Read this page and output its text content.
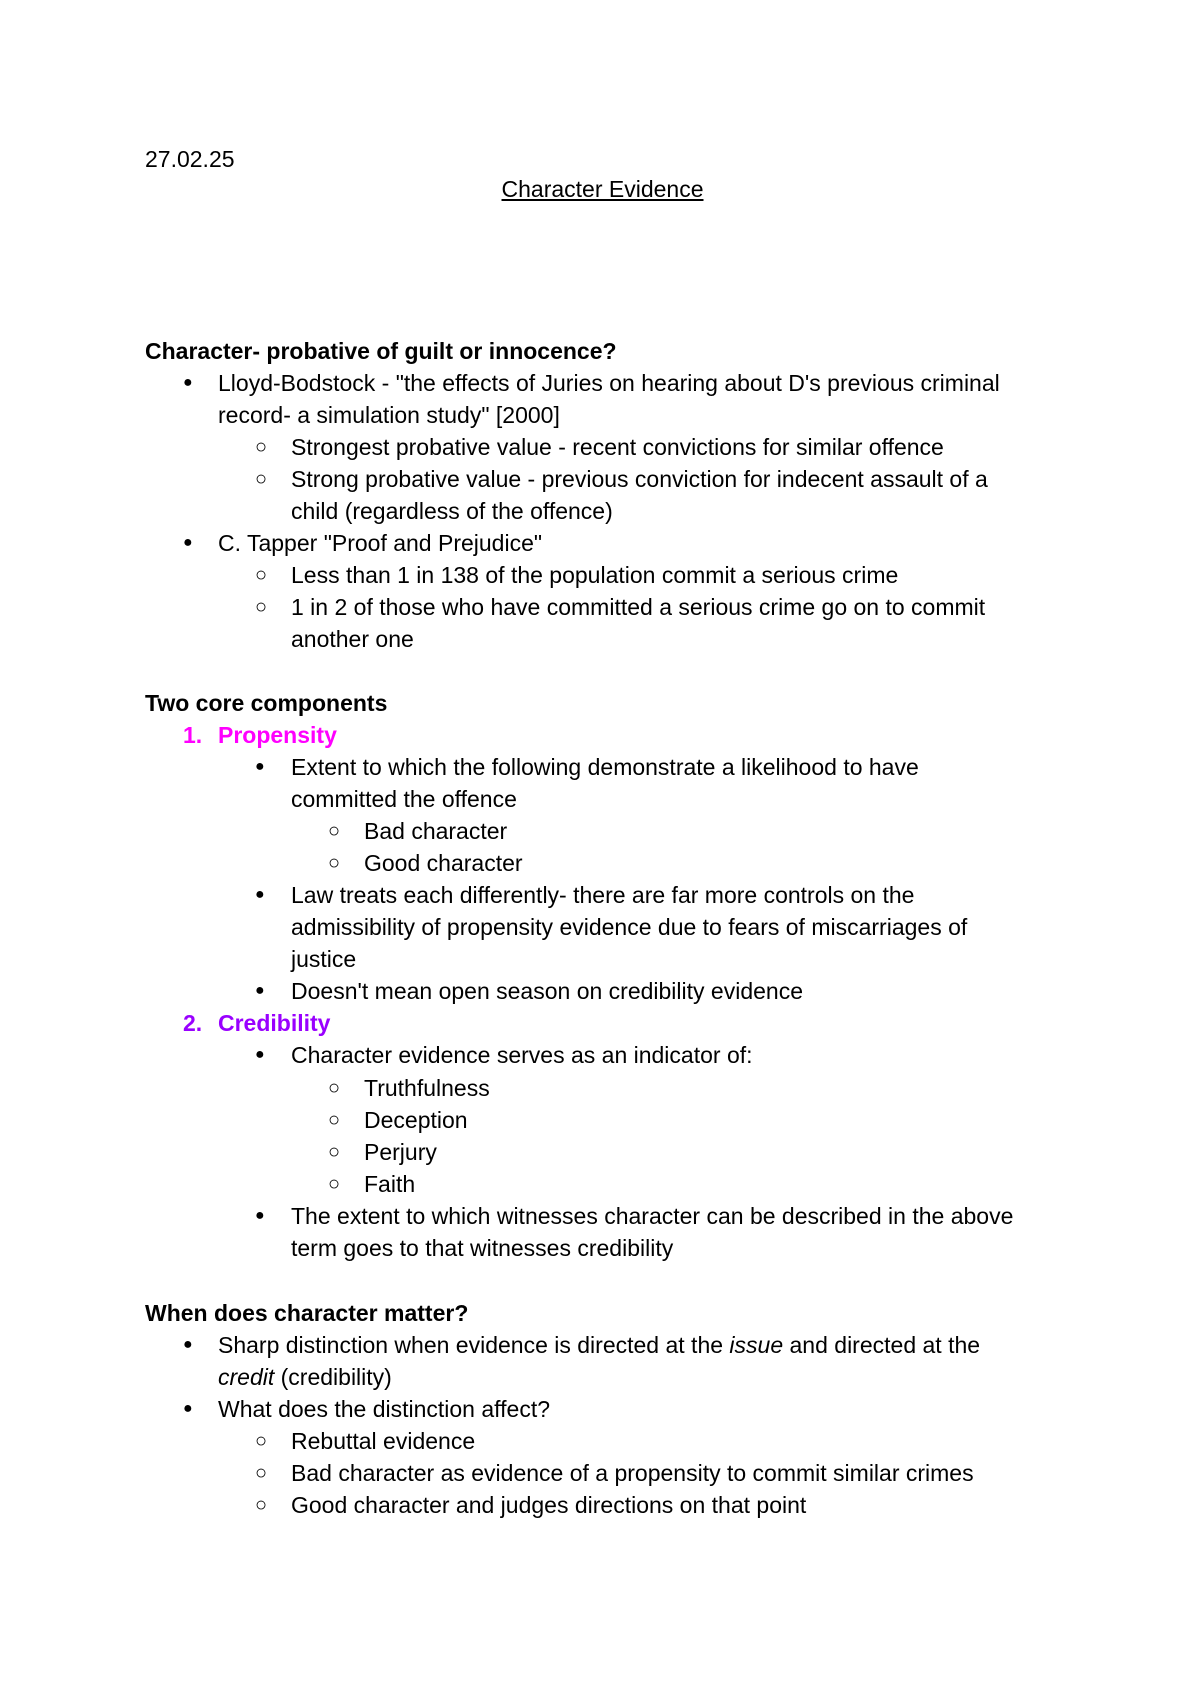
27.02.25
Character Evidence
Character- probative of guilt or innocence?
●	Lloyd-Bodstock - "the effects of Juries on hearing about D's previous criminal
record- a simulation study" [2000]
○	Strongest probative value - recent convictions for similar offence
○	Strong probative value - previous conviction for indecent assault of a
child (regardless of the offence)
●	C. Tapper "Proof and Prejudice"
○	Less than 1 in 138 of the population commit a serious crime
○	1 in 2 of those who have committed a serious crime go on to commit
another one
Two core components
1. Propensity
●	Extent to which the following demonstrate a likelihood to have
committed the offence
○	Bad character
○	Good character
●	Law treats each differently- there are far more controls on the
admissibility of propensity evidence due to fears of miscarriages of
justice
●	Doesn't mean open season on credibility evidence
2. Credibility
●	Character evidence serves as an indicator of:
○	Truthfulness
○	Deception
○	Perjury
○	Faith
●	The extent to which witnesses character can be described in the above
term goes to that witnesses credibility
When does character matter?
●	Sharp distinction when evidence is directed at the issue and directed at the
credit (credibility)
●	What does the distinction affect?
○	Rebuttal evidence
○	Bad character as evidence of a propensity to commit similar crimes
○	Good character and judges directions on that point
